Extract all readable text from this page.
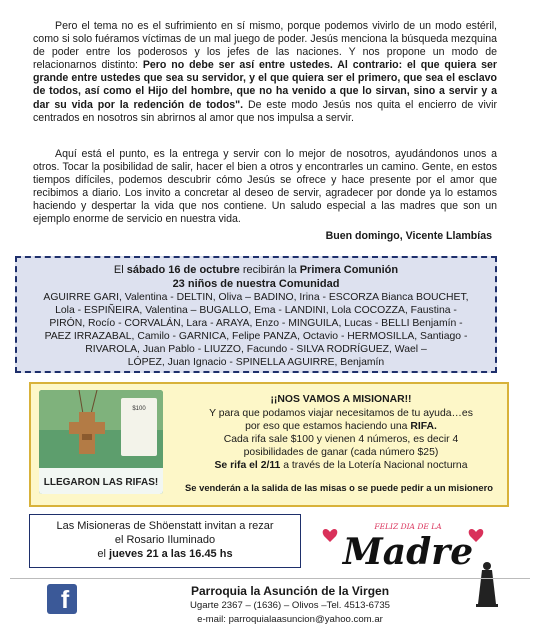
Pero el tema no es el sufrimiento en sí mismo, porque podemos vivirlo de un modo estéril, como si solo fuéramos víctimas de un mal juego de poder. Jesús menciona la búsqueda mezquina de poder entre los poderosos y los jefes de las naciones. Y nos propone un modo de relacionarnos distinto: Pero no debe ser así entre ustedes. Al contrario: el que quiera ser grande entre ustedes que sea su servidor, y el que quiera ser el primero, que sea el esclavo de todos, así como el Hijo del hombre, que no ha venido a que lo sirvan, sino a servir y a dar su vida por la redención de todos". De este modo Jesús nos quita el encierro de vivir centrados en nosotros sin abrirnos al amor que nos impulsa a servir.

Aquí está el punto, es la entrega y servir con lo mejor de nosotros, ayudándonos unos a otros. Tocar la posibilidad de salir, hacer el bien a otros y encontrarles un camino. Gente, en estos tiempos difíciles, podemos descubrir cómo Jesús se ofrece y hace presente por el amor que recibimos a diario. Los invito a concretar al deseo de servir, agradecer por donde ya lo estamos haciendo y despertar la vida que nos contiene. Un saludo especial a las madres que son un ejemplo enorme de servicio en nuestra vida.

Buen domingo, Vicente Llambías
El sábado 16 de octubre recibirán la Primera Comunión
23 niños de nuestra Comunidad
AGUIRRE GARI, Valentina - DELTIN, Oliva – BADINO, Irina - ESCORZA Bianca BOUCHET,
Lola - ESPIÑEIRA, Valentina – BUGALLO, Ema - LANDINI, Lola COCOZZA, Faustina -
PIRÓN, Rocío - CORVALÁN, Lara - ARAYA, Enzo - MINGUILA, Lucas - BELLI Benjamín -
PAEZ IRRAZABAL, Camilo - GARNICA, Felipe PANZA, Octavio - HERMOSILLA, Santiago -
RIVAROLA, Juan Pablo - LIUZZO, Facundo - SILVA RODRÍGUEZ, Wael –
LÓPEZ, Juan Ignacio - SPINELLA AGUIRRE, Benjamín
$100
LLEGARON LAS RIFAS!
¡¡NOS VAMOS A MISIONAR!!
Y para que podamos viajar necesitamos de tu ayuda…es
por eso que estamos haciendo una RIFA.
Cada rifa sale $100 y vienen 4 números, es decir 4
posibilidades de ganar (cada número $25)
Se rifa el 2/11 a través de la Lotería Nacional nocturna
Se venderán a la salida de las misas o se puede pedir a un misionero
Las Misioneras de Shöenstatt invitan a rezar
el Rosario Iluminado
el jueves 21 a las 16.45 hs
FELIZ DIA DE LA
Madre
f	Parroquia la Asunción de la Virgen
Ugarte 2367 – (1636) – Olivos –Tel. 4513-6735
e-mail: parroquialaasuncion@yahoo.com.ar
